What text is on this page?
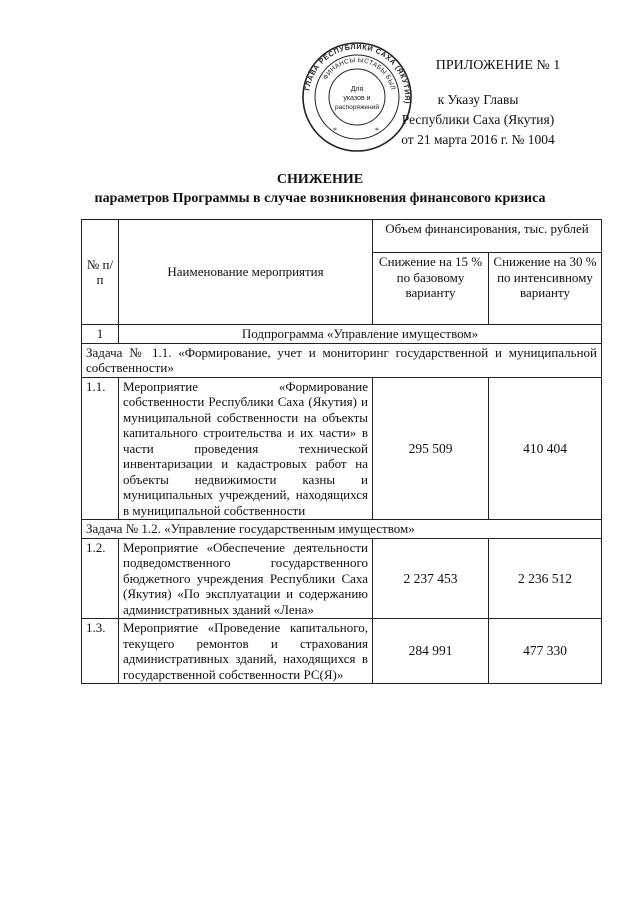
ГЛАВА РЕСПУБЛИКИ САХА (ЯКУТИЯ)
ФИНАНСЫ ЫСТАБЫ БЫЛ
Для
указов и
распоряжений
*	*
ПРИЛОЖЕНИЕ № 1
к Указу Главы
Республики Саха (Якутия)
от 21 марта 2016 г. № 1004
СНИЖЕНИЕ
параметров Программы в случае возникновения финансового кризиса
№ п/п	Наименование мероприятия	Объем финансирования, тыс. рублей	
		Снижение на 15 % по базовому варианту	Снижение на 30 % по интенсивному варианту
1	Подпрограмма «Управление имуществом»		
Задача № 1.1. «Формирование, учет и мониторинг государственной и муниципальной собственности»			
1.1.	Мероприятие «Формирование собственности Республики Саха (Якутия) и муниципальной собственности на объекты капитального строительства и их части» в части проведения технической инвентаризации и кадастровых работ на объекты недвижимости казны и муниципальных учреждений, находящихся в муниципальной собственности	295 509	410 404
Задача № 1.2. «Управление государственным имуществом»			
1.2.	Мероприятие «Обеспечение деятельности подведомственного государственного бюджетного учреждения Республики Саха (Якутия) «По эксплуатации и содержанию административных зданий «Лена»	2 237 453	2 236 512
1.3.	Мероприятие «Проведение капитального, текущего ремонтов и страхования административных зданий, находящихся в государственной собственности РС(Я)»	284 991	477 330
